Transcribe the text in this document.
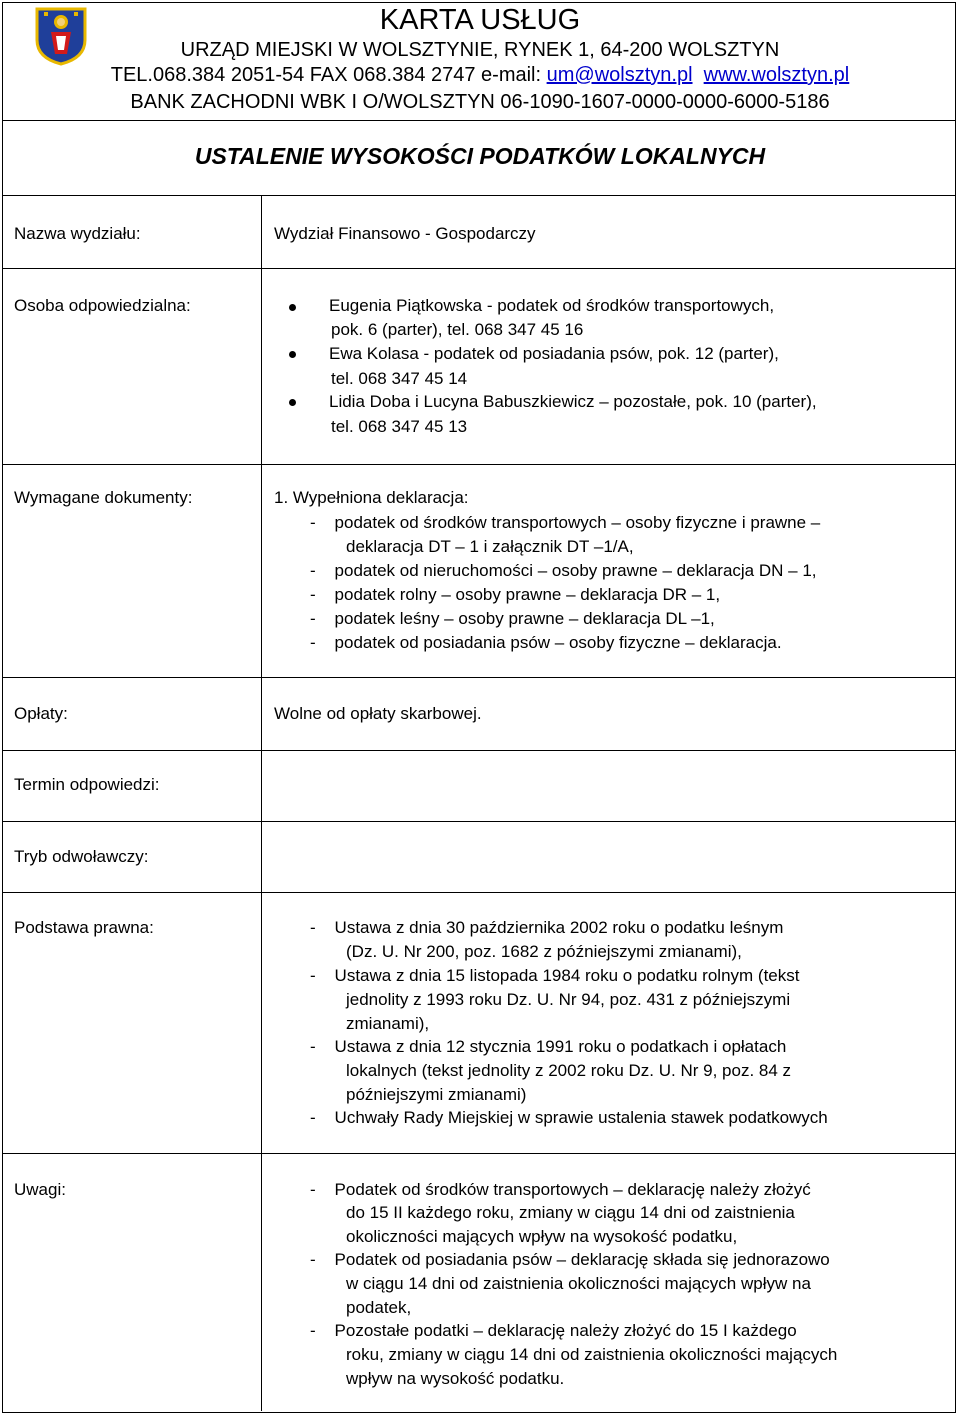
KARTA USŁUG
URZĄD MIEJSKI W WOLSZTYNIE, RYNEK 1, 64-200 WOLSZTYN
TEL.068.384 2051-54 FAX 068.384 2747 e-mail: um@wolsztyn.pl www.wolsztyn.pl
BANK ZACHODNI WBK I O/WOLSZTYN 06-1090-1607-0000-0000-6000-5186
USTALENIE WYSOKOŚCI PODATKÓW LOKALNYCH
Nazwa wydziału:	Wydział Finansowo - Gospodarczy
Osoba odpowiedzialna:	Eugenia Piątkowska - podatek od środków transportowych,
pok. 6 (parter), tel. 068 347 45 16
Ewa Kolasa - podatek od posiadania psów, pok. 12 (parter),
tel. 068 347 45 14
Lidia Doba i Lucyna Babuszkiewicz – pozostałe, pok. 10 (parter),
tel. 068 347 45 13
Wymagane dokumenty:	1. Wypełniona deklaracja:
-    podatek od środków transportowych – osoby fizyczne i prawne –
deklaracja DT – 1 i załącznik DT –1/A,
-    podatek od nieruchomości – osoby prawne – deklaracja DN – 1,
-    podatek rolny – osoby prawne – deklaracja DR – 1,
-    podatek leśny – osoby prawne – deklaracja DL –1,
-    podatek od posiadania psów – osoby fizyczne – deklaracja.
Opłaty:	Wolne od opłaty skarbowej.
Termin odpowiedzi:
Tryb odwoławczy:
Podstawa prawna:	-    Ustawa z dnia 30 października 2002 roku o podatku leśnym
(Dz. U. Nr 200, poz. 1682 z późniejszymi zmianami),
-    Ustawa z dnia 15 listopada 1984 roku o podatku rolnym (tekst
jednolity z 1993 roku Dz. U. Nr 94, poz. 431 z późniejszymi
zmianami),
-    Ustawa z dnia 12 stycznia 1991 roku o podatkach i opłatach
lokalnych (tekst jednolity z 2002 roku Dz. U. Nr 9, poz. 84 z
późniejszymi zmianami)
-    Uchwały Rady Miejskiej w sprawie ustalenia stawek podatkowych
Uwagi:	-    Podatek od środków transportowych – deklarację należy złożyć
do 15 II każdego roku, zmiany w ciągu 14 dni od zaistnienia
okoliczności mających wpływ na wysokość podatku,
-    Podatek od posiadania psów – deklarację składa się jednorazowo
w ciągu 14 dni od zaistnienia okoliczności mających wpływ na
podatek,
-    Pozostałe podatki – deklarację należy złożyć do 15 I każdego
roku, zmiany w ciągu 14 dni od zaistnienia okoliczności mających
wpływ na wysokość podatku.
